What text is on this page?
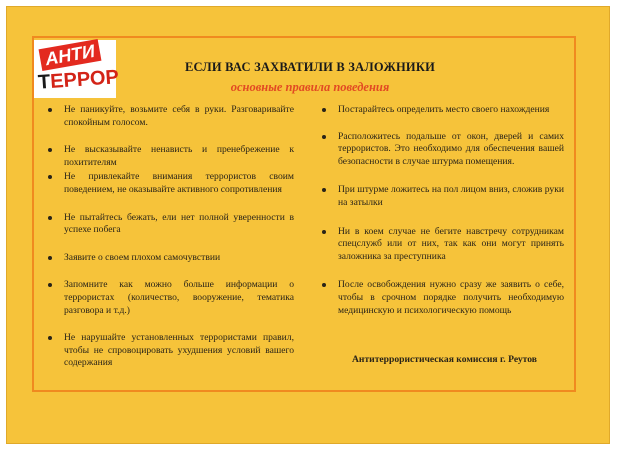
АНТИ
ТЕРРОР	ЕСЛИ ВАС ЗАХВАТИЛИ В ЗАЛОЖНИКИ
основные правила поведения
Не паникуйте, возьмите себя в руки. Разговаривайте спокойным голосом.
Не высказывайте ненависть и пренебрежение к похитителям
Не привлекайте внимания террористов своим поведением, не оказывайте активного сопротивления
Не пытайтесь бежать, ели нет полной уверенности в успехе побега
Заявите о своем плохом самочувствии
Запомните как можно больше информации о террористах (количество, вооружение, тематика разговора и т.д.)
Не нарушайте установленных террористами правил, чтобы не спровоцировать ухудшения условий вашего содержания
Постарайтесь определить место своего нахождения
Расположитесь подальше от окон, дверей и самих террористов. Это необходимо для обеспечения вашей безопасности в случае штурма помещения.
При штурме ложитесь на пол лицом вниз, сложив руки на затылки
Ни в коем случае не бегите навстречу сотрудникам спецслужб или от них, так как они могут принять заложника за преступника
После освобождения нужно сразу же заявить о себе, чтобы в срочном порядке получить необходимую медицинскую и психологическую помощь
Антитеррористическая комиссия г. Реутов
